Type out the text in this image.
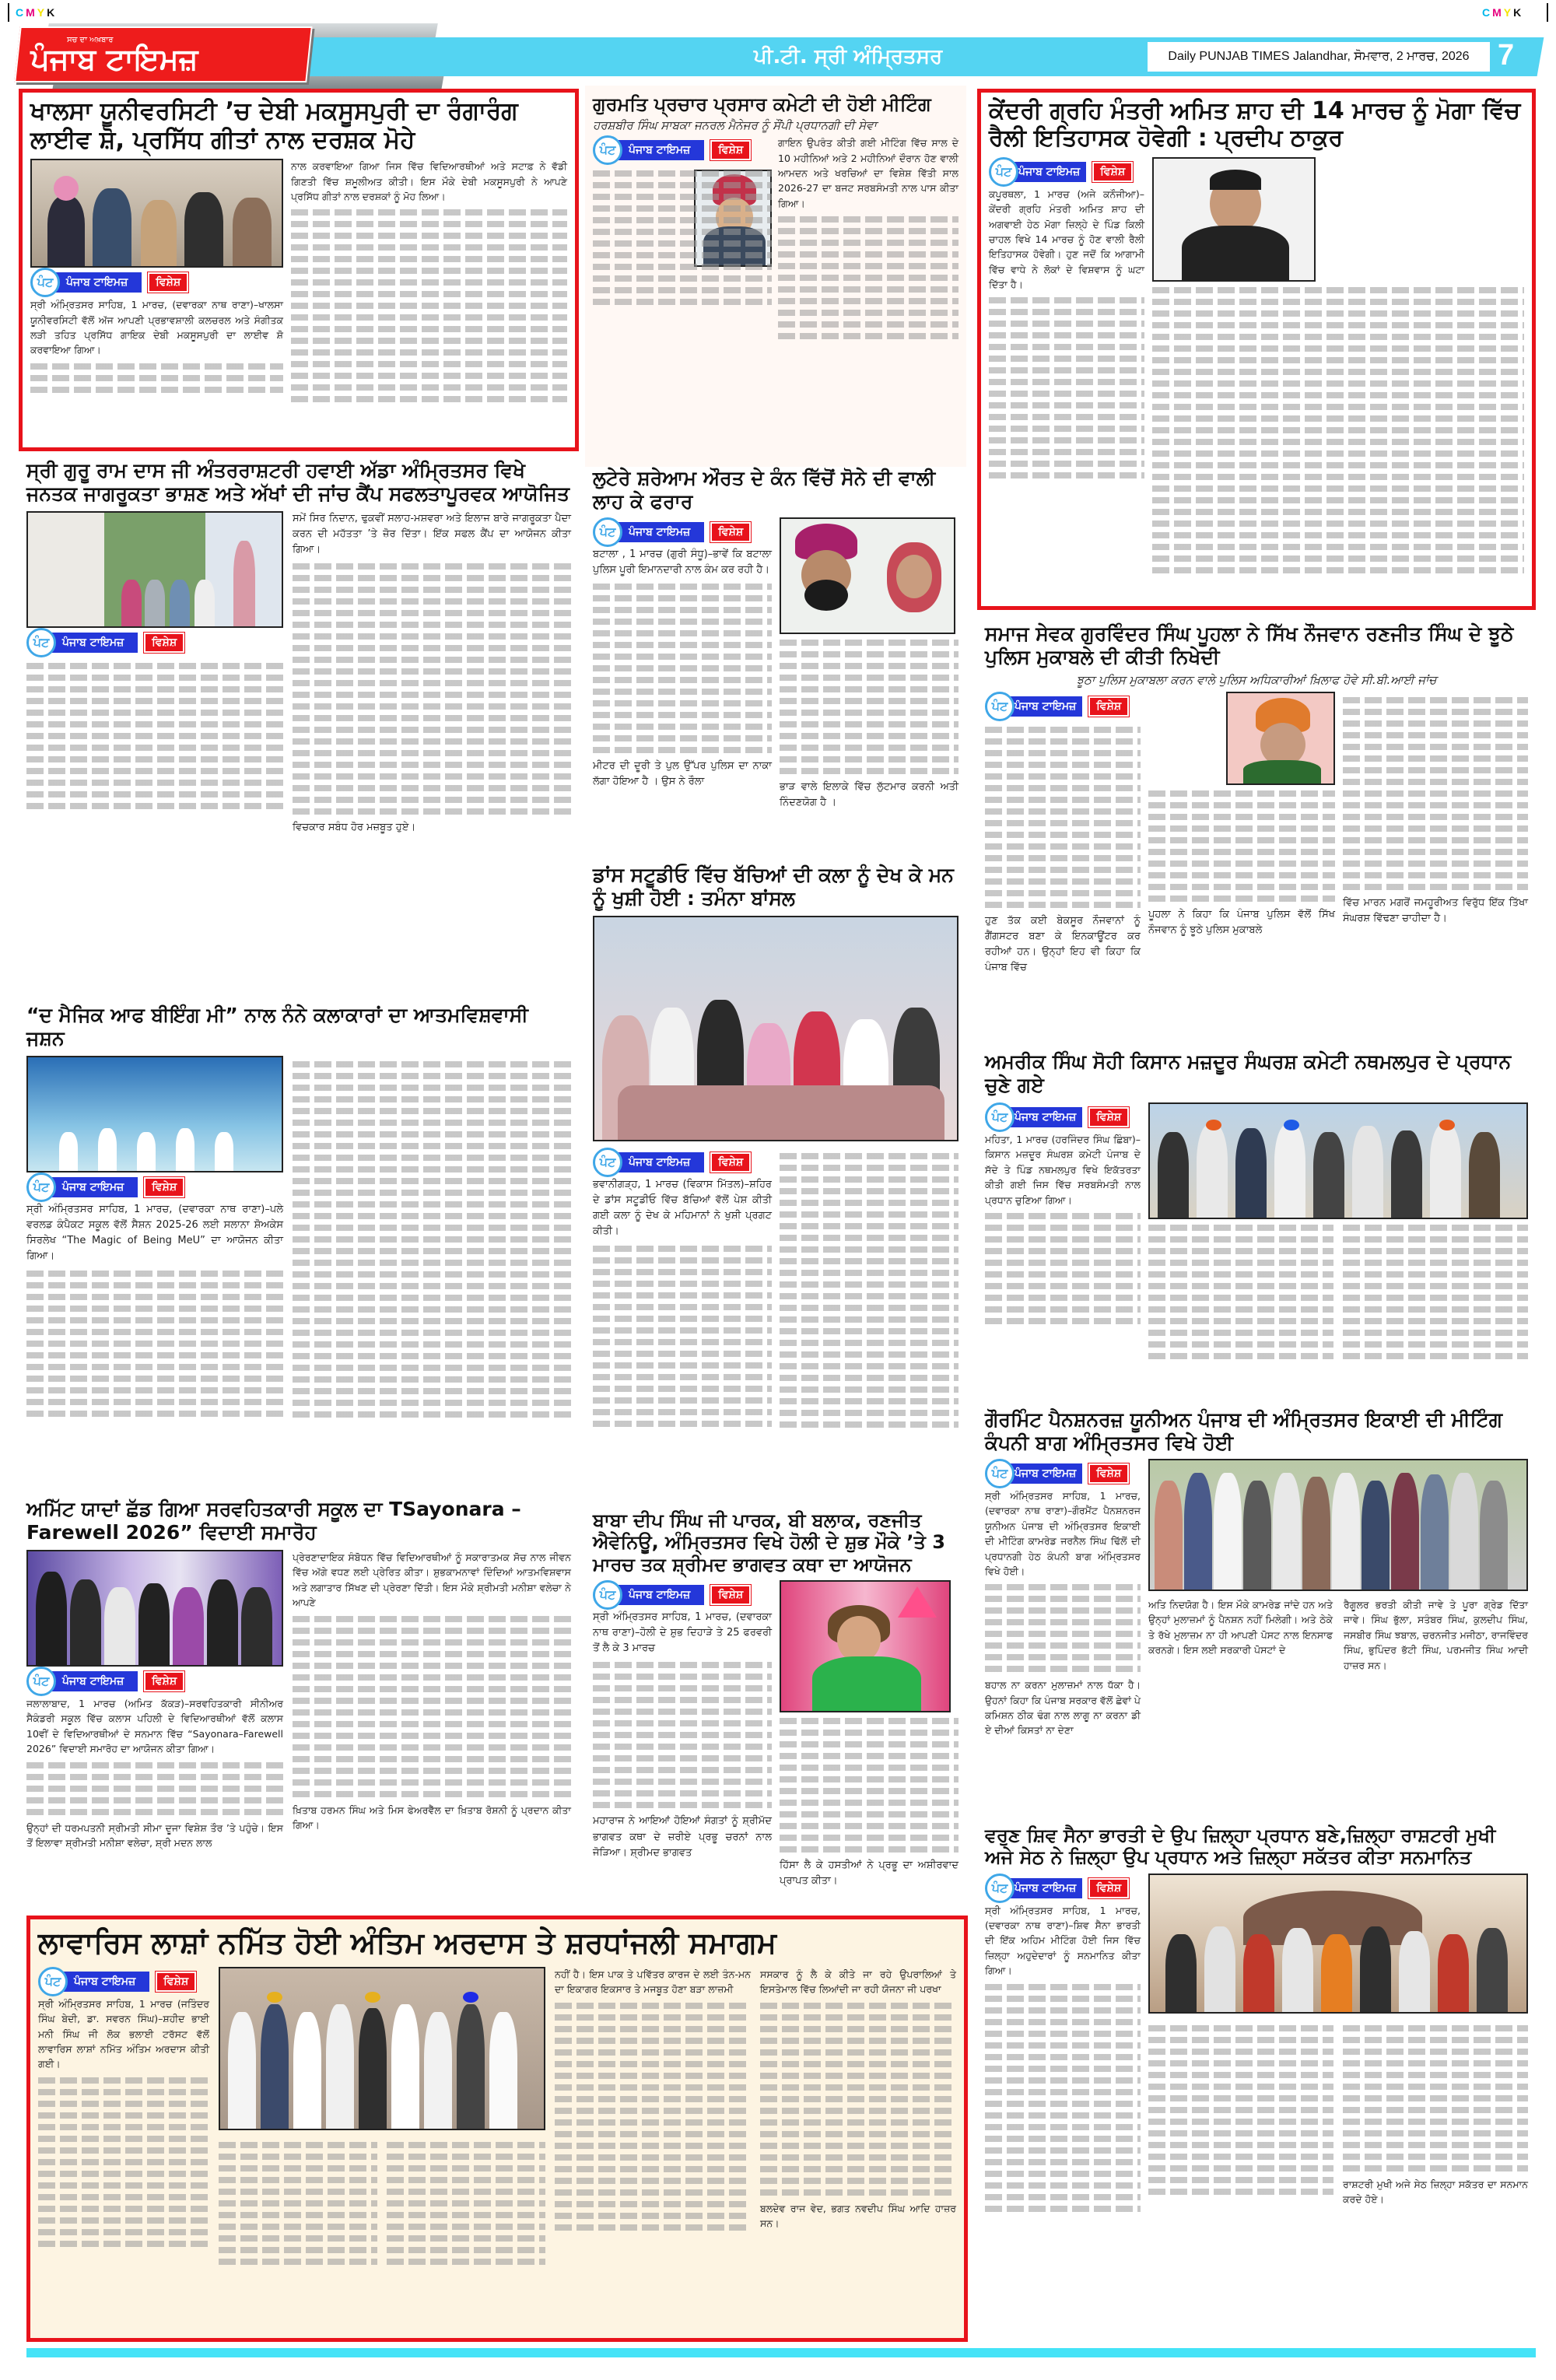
CMYK	CMYK
ਸਚ ਦਾ ਅਖ਼ਬਾਰ
ਪੰਜਾਬ ਟਾਇਮਜ਼	ਪੀ.ਟੀ. ਸ੍ਰੀ ਅੰਮ੍ਰਿਤਸਰ	Daily PUNJAB TIMES Jalandhar, ਸੋਮਵਾਰ, 2 ਮਾਰਚ, 2026 7
ਖਾਲਸਾ ਯੂਨੀਵਰਸਿਟੀ ’ਚ ਦੇਬੀ ਮਕਸੂਸਪੁਰੀ ਦਾ ਰੰਗਾਰੰਗ ਲਾਈਵ ਸ਼ੋ, ਪ੍ਰਸਿੱਧ ਗੀਤਾਂ ਨਾਲ ਦਰਸ਼ਕ ਮੋਹੇ
ਪੰਟ	ਪੰਜਾਬ ਟਾਇਮਜ਼	ਵਿਸ਼ੇਸ਼
ਸ੍ਰੀ ਅੰਮ੍ਰਿਤਸਰ ਸਾਹਿਬ, 1 ਮਾਰਚ, (ਦਵਾਰਕਾ ਨਾਥ ਰਾਣਾ)–ਖਾਲਸਾ ਯੂਨੀਵਰਸਿਟੀ ਵੱਲੋਂ ਅੱਜ ਆਪਣੀ ਪ੍ਰਭਾਵਸ਼ਾਲੀ ਕਲਚਰਲ ਅਤੇ ਸੰਗੀਤਕ ਲੜੀ ਤਹਿਤ ਪ੍ਰਸਿੱਧ ਗਾਇਕ ਦੇਬੀ ਮਕਸੂਸਪੁਰੀ ਦਾ ਲਾਈਵ ਸ਼ੋ ਕਰਵਾਇਆ ਗਿਆ।
ਨਾਲ ਕਰਵਾਇਆ ਗਿਆ ਜਿਸ ਵਿੱਚ ਵਿਦਿਆਰਥੀਆਂ ਅਤੇ ਸਟਾਫ਼ ਨੇ ਵੱਡੀ ਗਿਣਤੀ ਵਿੱਚ ਸ਼ਮੂਲੀਅਤ ਕੀਤੀ। ਇਸ ਮੌਕੇ ਦੇਬੀ ਮਕਸੂਸਪੁਰੀ ਨੇ ਆਪਣੇ ਪ੍ਰਸਿੱਧ ਗੀਤਾਂ ਨਾਲ ਦਰਸ਼ਕਾਂ ਨੂੰ ਮੋਹ ਲਿਆ।
ਗੁਰਮਤਿ ਪ੍ਰਚਾਰ ਪ੍ਰਸਾਰ ਕਮੇਟੀ ਦੀ ਹੋਈ ਮੀਟਿੰਗ
ਹਰਸ਼ਬੀਰ ਸਿੰਘ ਸਾਬਕਾ ਜਨਰਲ ਮੈਨੇਜਰ ਨੂੰ ਸੌਂਪੀ ਪ੍ਰਧਾਨਗੀ ਦੀ ਸੇਵਾ
ਪੰਟ	ਪੰਜਾਬ ਟਾਇਮਜ਼	ਵਿਸ਼ੇਸ਼
ਗਾਇਨ ਉਪਰੰਤ ਕੀਤੀ ਗਈ ਮੀਟਿੰਗ ਵਿੱਚ ਸਾਲ ਦੇ 10 ਮਹੀਨਿਆਂ ਅਤੇ 2 ਮਹੀਨਿਆਂ ਦੌਰਾਨ ਹੋਣ ਵਾਲੀ ਆਮਦਨ ਅਤੇ ਖਰਚਿਆਂ ਦਾ ਵਿਸ਼ੇਸ਼ ਵਿੱਤੀ ਸਾਲ 2026-27 ਦਾ ਬਜਟ ਸਰਬਸੰਮਤੀ ਨਾਲ ਪਾਸ ਕੀਤਾ ਗਿਆ।
ਕੇਂਦਰੀ ਗ੍ਰਹਿ ਮੰਤਰੀ ਅਮਿਤ ਸ਼ਾਹ ਦੀ 14 ਮਾਰਚ ਨੂੰ ਮੋਗਾ ਵਿੱਚ ਰੈਲੀ ਇਤਿਹਾਸਕ ਹੋਵੇਗੀ : ਪ੍ਰਦੀਪ ਠਾਕੁਰ
ਪੰਟ ਪੰਜਾਬ ਟਾਇਮਜ਼	ਵਿਸ਼ੇਸ਼
ਕਪੂਰਥਲਾ, 1 ਮਾਰਚ (ਅਜੇ ਕਨੌਜੀਆ)–ਕੇਂਦਰੀ ਗ੍ਰਹਿ ਮੰਤਰੀ ਅਮਿਤ ਸ਼ਾਹ ਦੀ ਅਗਵਾਈ ਹੇਠ ਮੋਗਾ ਜ਼ਿਲ੍ਹੇ ਦੇ ਪਿੰਡ ਕਿਲੀ ਚਾਹਲ ਵਿਖੇ 14 ਮਾਰਚ ਨੂੰ ਹੋਣ ਵਾਲੀ ਰੈਲੀ ਇਤਿਹਾਸਕ ਹੋਵੇਗੀ। ਹੁਣ ਜਦੋਂ ਕਿ ਆਗਾਮੀ ਵਿੱਚ ਵਾਧੇ ਨੇ ਲੋਕਾਂ ਦੇ ਵਿਸ਼ਵਾਸ ਨੂੰ ਘਟਾ ਦਿੱਤਾ ਹੈ।
ਸ੍ਰੀ ਗੁਰੂ ਰਾਮ ਦਾਸ ਜੀ ਅੰਤਰਰਾਸ਼ਟਰੀ ਹਵਾਈ ਅੱਡਾ ਅੰਮ੍ਰਿਤਸਰ ਵਿਖੇ ਜਨਤਕ ਜਾਗਰੂਕਤਾ ਭਾਸ਼ਣ ਅਤੇ ਅੱਖਾਂ ਦੀ ਜਾਂਚ ਕੈਂਪ ਸਫਲਤਾਪੂਰਵਕ ਆਯੋਜਿਤ
ਪੰਟ	ਪੰਜਾਬ ਟਾਇਮਜ਼	ਵਿਸ਼ੇਸ਼
ਸਮੇਂ ਸਿਰ ਨਿਦਾਨ, ਢੁਕਵੀਂ ਸਲਾਹ-ਮਸ਼ਵਰਾ ਅਤੇ ਇਲਾਜ ਬਾਰੇ ਜਾਗਰੂਕਤਾ ਪੈਦਾ ਕਰਨ ਦੀ ਮਹੱਤਤਾ ’ਤੇ ਜ਼ੋਰ ਦਿੱਤਾ। ਇੱਕ ਸਫਲ ਕੈਂਪ ਦਾ ਆਯੋਜਨ ਕੀਤਾ ਗਿਆ।
ਵਿਚਕਾਰ ਸਬੰਧ ਹੋਰ ਮਜ਼ਬੂਤ ਹੁਏ।
ਲੁਟੇਰੇ ਸ਼ਰੇਆਮ ਔਰਤ ਦੇ ਕੰਨ ਵਿੱਚੋਂ ਸੋਨੇ ਦੀ ਵਾਲੀ ਲਾਹ ਕੇ ਫਰਾਰ
ਪੰਟ	ਪੰਜਾਬ ਟਾਇਮਜ਼	ਵਿਸ਼ੇਸ਼
ਬਟਾਲਾ , 1 ਮਾਰਚ (ਗੁਰੀ ਸੰਧੂ)–ਭਾਵੇਂ ਕਿ ਬਟਾਲਾ ਪੁਲਿਸ ਪੂਰੀ ਇਮਾਨਦਾਰੀ ਨਾਲ ਕੰਮ ਕਰ ਰਹੀ ਹੈ।
ਮੀਟਰ ਦੀ ਦੂਰੀ ਤੇ ਪੁਲ ਉੱਪਰ ਪੁਲਿਸ ਦਾ ਨਾਕਾ ਲੱਗਾ ਹੋਇਆ ਹੈ । ਉਸ ਨੇ ਰੌਲਾ	ਭਾੜ ਵਾਲੇ ਇਲਾਕੇ ਵਿੱਚ ਲੁੱਟਮਾਰ ਕਰਨੀ ਅਤੀ ਨਿੰਦਣਯੋਗ ਹੈ ।
ਸਮਾਜ ਸੇਵਕ ਗੁਰਵਿੰਦਰ ਸਿੰਘ ਪੂਹਲਾ ਨੇ ਸਿੱਖ ਨੌਜਵਾਨ ਰਣਜੀਤ ਸਿੰਘ ਦੇ ਝੂਠੇ ਪੁਲਿਸ ਮੁਕਾਬਲੇ ਦੀ ਕੀਤੀ ਨਿਖੇਦੀ
ਝੂਠਾ ਪੁਲਿਸ ਮੁਕਾਬਲਾ ਕਰਨ ਵਾਲੇ ਪੁਲਿਸ ਅਧਿਕਾਰੀਆਂ ਖ਼ਿਲਾਫ ਹੋਵੇ ਸੀ.ਬੀ.ਆਈ ਜਾਂਚ
ਪੰਟ ਪੰਜਾਬ ਟਾਇਮਜ਼	ਵਿਸ਼ੇਸ਼
ਹੁਣ ਤੱਕ ਕਈ ਬੇਕਸੂਰ ਨੌਜਵਾਨਾਂ ਨੂੰ ਗੈਂਗਸਟਰ ਬਣਾ ਕੇ ਇਨਕਾਊਂਟਰ ਕਰ ਰਹੀਆਂ ਹਨ। ਉਨ੍ਹਾਂ ਇਹ ਵੀ ਕਿਹਾ ਕਿ ਪੰਜਾਬ ਵਿੱਚ
ਪੂਹਲਾ ਨੇ ਕਿਹਾ ਕਿ ਪੰਜਾਬ ਪੁਲਿਸ ਵੱਲੋਂ ਸਿੱਖ ਨੌਜਵਾਨ ਨੂੰ ਝੂਠੇ ਪੁਲਿਸ ਮੁਕਾਬਲੇ
ਵਿੱਚ ਮਾਰਨ ਮਗਰੋਂ ਜਮਹੂਰੀਅਤ ਵਿਰੁੱਧ ਇੱਕ ਤਿੱਖਾ ਸੰਘਰਸ਼ ਵਿੱਢਣਾ ਚਾਹੀਦਾ ਹੈ।
ਡਾਂਸ ਸਟੂਡੀਓ ਵਿੱਚ ਬੱਚਿਆਂ ਦੀ ਕਲਾ ਨੂੰ ਦੇਖ ਕੇ ਮਨ ਨੂੰ ਖੁਸ਼ੀ ਹੋਈ : ਤਮੰਨਾ ਬਾਂਸਲ
ਪੰਟ	ਪੰਜਾਬ ਟਾਇਮਜ਼	ਵਿਸ਼ੇਸ਼
ਭਵਾਨੀਗੜ੍ਹ, 1 ਮਾਰਚ (ਵਿਕਾਸ ਮਿੱਤਲ)–ਸ਼ਹਿਰ ਦੇ ਡਾਂਸ ਸਟੂਡੀਓ ਵਿੱਚ ਬੱਚਿਆਂ ਵੱਲੋਂ ਪੇਸ਼ ਕੀਤੀ ਗਈ ਕਲਾ ਨੂੰ ਦੇਖ ਕੇ ਮਹਿਮਾਨਾਂ ਨੇ ਖੁਸ਼ੀ ਪ੍ਰਗਟ ਕੀਤੀ।
“ਦ ਮੈਜਿਕ ਆਫ ਬੀਇੰਗ ਮੀ” ਨਾਲ ਨੰਨੇ ਕਲਾਕਾਰਾਂ ਦਾ ਆਤਮਵਿਸ਼ਵਾਸੀ ਜਸ਼ਨ
ਪੰਟ	ਪੰਜਾਬ ਟਾਇਮਜ਼	ਵਿਸ਼ੇਸ਼
ਸ੍ਰੀ ਅੰਮ੍ਰਿਤਸਰ ਸਾਹਿਬ, 1 ਮਾਰਚ, (ਦਵਾਰਕਾ ਨਾਥ ਰਾਣਾ)–ਪਲੇ ਵਰਲਡ ਕੰਪੈਕਟ ਸਕੂਲ ਵੱਲੋਂ ਸੈਸ਼ਨ 2025-26 ਲਈ ਸਲਾਨਾ ਸ਼ੋਅਕੇਸ ਸਿਰਲੇਖ “The Magic of Being MeU” ਦਾ ਆਯੋਜਨ ਕੀਤਾ ਗਿਆ।
ਅਮਰੀਕ ਸਿੰਘ ਸੋਹੀ ਕਿਸਾਨ ਮਜ਼ਦੂਰ ਸੰਘਰਸ਼ ਕਮੇਟੀ ਨਥਮਲਪੁਰ ਦੇ ਪ੍ਰਧਾਨ ਚੁਣੇ ਗਏ
ਪੰਟ ਪੰਜਾਬ ਟਾਇਮਜ਼	ਵਿਸ਼ੇਸ਼
ਮਹਿਤਾ, 1 ਮਾਰਚ (ਹਰਜਿੰਦਰ ਸਿੰਘ ਛਿੰਬਾ)–ਕਿਸਾਨ ਮਜ਼ਦੂਰ ਸੰਘਰਸ਼ ਕਮੇਟੀ ਪੰਜਾਬ ਦੇ ਸੱਦੇ ਤੇ ਪਿੰਡ ਨਥਮਲਪੁਰ ਵਿਖੇ ਇਕੱਤਰਤਾ ਕੀਤੀ ਗਈ ਜਿਸ ਵਿੱਚ ਸਰਬਸੰਮਤੀ ਨਾਲ ਪ੍ਰਧਾਨ ਚੁਣਿਆ ਗਿਆ।
ਗੌਰਮਿੰਟ ਪੈਨਸ਼ਨਰਜ਼ ਯੂਨੀਅਨ ਪੰਜਾਬ ਦੀ ਅੰਮ੍ਰਿਤਸਰ ਇਕਾਈ ਦੀ ਮੀਟਿੰਗ ਕੰਪਨੀ ਬਾਗ ਅੰਮ੍ਰਿਤਸਰ ਵਿਖੇ ਹੋਈ
ਪੰਟ ਪੰਜਾਬ ਟਾਇਮਜ਼	ਵਿਸ਼ੇਸ਼
ਸ੍ਰੀ ਅੰਮ੍ਰਿਤਸਰ ਸਾਹਿਬ, 1 ਮਾਰਚ, (ਦਵਾਰਕਾ ਨਾਥ ਰਾਣਾ)–ਗੌਰਮੈਂਟ ਪੈਨਸ਼ਨਰਜ ਯੂਨੀਅਨ ਪੰਜਾਬ ਦੀ ਅੰਮ੍ਰਿਤਸਰ ਇਕਾਈ ਦੀ ਮੀਟਿੰਗ ਕਾਮਰੇਡ ਜਰਨੈਲ ਸਿੰਘ ਢਿੱਲੋਂ ਦੀ ਪ੍ਰਧਾਨਗੀ ਹੇਠ ਕੰਪਨੀ ਬਾਗ ਅੰਮ੍ਰਿਤਸਰ ਵਿਖੇ ਹੋਈ।
ਬਹਾਲ ਨਾ ਕਰਨਾ ਮੁਲਾਜ਼ਮਾਂ ਨਾਲ ਧੱਕਾ ਹੈ। ਉਹਨਾਂ ਕਿਹਾ ਕਿ ਪੰਜਾਬ ਸਰਕਾਰ ਵੱਲੋਂ ਛੇਵਾਂ ਪੇ ਕਮਿਸ਼ਨ ਠੀਕ ਢੰਗ ਨਾਲ ਲਾਗੂ ਨਾ ਕਰਨਾ ਡੀ ਏ ਦੀਆਂ ਕਿਸਤਾਂ ਨਾ ਦੇਣਾ
ਅਤਿ ਨਿਦਯੋਗ ਹੈ। ਇਸ ਮੌਕੇ ਕਾਮਰੇਡ ਜਾਂਦੇ ਹਨ ਅਤੇ ਉਨ੍ਹਾਂ ਮੁਲਾਜ਼ਮਾਂ ਨੂੰ ਪੈਨਸ਼ਨ ਨਹੀਂ ਮਿਲੇਗੀ। ਅਤੇ ਠੇਕੇ ਤੇ ਰੱਖੇ ਮੁਲਾਜ਼ਮ ਨਾ ਹੀ ਆਪਣੀ ਪੋਸਟ ਨਾਲ ਇਨਸਾਫ ਕਰਨਗੇ। ਇਸ ਲਈ ਸਰਕਾਰੀ ਪੋਸਟਾਂ ਦੇ
ਰੈਗੂਲਰ ਭਰਤੀ ਕੀਤੀ ਜਾਵੇ ਤੇ ਪੂਰਾ ਗ੍ਰੇਡ ਦਿੱਤਾ ਜਾਵੇ। ਸਿੰਘ ਭੁੱਲਾ, ਸਤੰਬਰ ਸਿੰਘ, ਕੁਲਦੀਪ ਸਿੰਘ, ਜਸਬੀਰ ਸਿੰਘ ਝਬਾਲ, ਚਰਨਜੀਤ ਮਜੀਠਾ, ਰਾਜਵਿੰਦਰ ਸਿੰਘ, ਭੁਪਿੰਦਰ ਭੱਟੀ ਸਿੰਘ, ਪਰਮਜੀਤ ਸਿੰਘ ਆਦੀ ਹਾਜ਼ਰ ਸਨ।
ਅਮਿੱਟ ਯਾਦਾਂ ਛੱਡ ਗਿਆ ਸਰਵਹਿਤਕਾਰੀ ਸਕੂਲ ਦਾ TSayonara – Farewell 2026” ਵਿਦਾਈ ਸਮਾਰੋਹ
ਪੰਟ	ਪੰਜਾਬ ਟਾਇਮਜ਼	ਵਿਸ਼ੇਸ਼
ਜਲਾਲਾਬਾਦ, 1 ਮਾਰਚ (ਅਮਿਤ ਕੱਕੜ)–ਸਰਵਹਿਤਕਾਰੀ ਸੀਨੀਅਰ ਸੈਕੰਡਰੀ ਸਕੂਲ ਵਿੱਚ ਕਲਾਸ ਪਹਿਲੀ ਦੇ ਵਿਦਿਆਰਥੀਆਂ ਵੱਲੋਂ ਕਲਾਸ 10ਵੀਂ ਦੇ ਵਿਦਿਆਰਥੀਆਂ ਦੇ ਸਨਮਾਨ ਵਿੱਚ “Sayonara–Farewell 2026” ਵਿਦਾਈ ਸਮਾਰੋਹ ਦਾ ਆਯੋਜਨ ਕੀਤਾ ਗਿਆ।
ਉਨ੍ਹਾਂ ਦੀ ਧਰਮਪਤਨੀ ਸ੍ਰੀਮਤੀ ਸੀਮਾ ਦੂਜਾ ਵਿਸ਼ੇਸ਼ ਤੌਰ ’ਤੇ ਪਹੁੰਚੇ। ਇਸ ਤੋਂ ਇਲਾਵਾ ਸ਼੍ਰੀਮਤੀ ਮਨੀਸ਼ਾ ਵਲੇਚਾ, ਸ਼੍ਰੀ ਮਦਨ ਲਾਲ
ਪ੍ਰੇਰਣਾਦਾਇਕ ਸੰਬੋਧਨ ਵਿੱਚ ਵਿਦਿਆਰਥੀਆਂ ਨੂੰ ਸਕਾਰਾਤਮਕ ਸੋਚ ਨਾਲ ਜੀਵਨ ਵਿੱਚ ਅੱਗੇ ਵਧਣ ਲਈ ਪ੍ਰੇਰਿਤ ਕੀਤਾ। ਸ਼ੁਭਕਾਮਨਾਵਾਂ ਦਿੰਦਿਆਂ ਆਤਮਵਿਸ਼ਵਾਸ ਅਤੇ ਲਗਾਤਾਰ ਸਿੱਖਣ ਦੀ ਪ੍ਰੇਰਣਾ ਦਿੱਤੀ। ਇਸ ਮੌਕੇ ਸ਼੍ਰੀਮਤੀ ਮਨੀਸ਼ਾ ਵਲੇਚਾ ਨੇ ਆਪਣੇ
ਖ਼ਿਤਾਬ ਹਰਮਨ ਸਿੰਘ ਅਤੇ ਮਿਸ ਫੇਅਰਵੈੱਲ ਦਾ ਖ਼ਿਤਾਬ ਰੋਸ਼ਨੀ ਨੂੰ ਪ੍ਰਦਾਨ ਕੀਤਾ ਗਿਆ।
ਬਾਬਾ ਦੀਪ ਸਿੰਘ ਜੀ ਪਾਰਕ, ਬੀ ਬਲਾਕ, ਰਣਜੀਤ ਐਵੇਨਿਊ, ਅੰਮ੍ਰਿਤਸਰ ਵਿਖੇ ਹੋਲੀ ਦੇ ਸ਼ੁਭ ਮੌਕੇ ’ਤੇ 3 ਮਾਰਚ ਤਕ ਸ਼੍ਰੀਮਦ ਭਾਗਵਤ ਕਥਾ ਦਾ ਆਯੋਜਨ
ਪੰਟ	ਪੰਜਾਬ ਟਾਇਮਜ਼	ਵਿਸ਼ੇਸ਼
ਸ੍ਰੀ ਅੰਮ੍ਰਿਤਸਰ ਸਾਹਿਬ, 1 ਮਾਰਚ, (ਦਵਾਰਕਾ ਨਾਥ ਰਾਣਾ)–ਹੋਲੀ ਦੇ ਸ਼ੁਭ ਦਿਹਾੜੇ ਤੇ 25 ਫਰਵਰੀ ਤੋਂ ਲੈ ਕੇ 3 ਮਾਰਚ
ਮਹਾਰਾਜ ਨੇ ਆਇਆਂ ਹੋਇਆਂ ਸੰਗਤਾਂ ਨੂੰ ਸ਼੍ਰੀਮੱਦ ਭਾਗਵਤ ਕਥਾ ਦੇ ਜ਼ਰੀਏ ਪ੍ਰਭੂ ਚਰਨਾਂ ਨਾਲ ਜੋੜਿਆ। ਸ਼੍ਰੀਮਦ ਭਾਗਵਤ
ਹਿੱਸਾ ਲੈ ਕੇ ਹਸਤੀਆਂ ਨੇ ਪ੍ਰਭੂ ਦਾ ਅਸ਼ੀਰਵਾਦ ਪ੍ਰਾਪਤ ਕੀਤਾ।
ਵਰੁਣ ਸ਼ਿਵ ਸੈਨਾ ਭਾਰਤੀ ਦੇ ਉਪ ਜ਼ਿਲ੍ਹਾ ਪ੍ਰਧਾਨ ਬਣੇ,ਜ਼ਿਲ੍ਹਾ ਰਾਸ਼ਟਰੀ ਮੁਖੀ ਅਜੇ ਸੇਠ ਨੇ ਜ਼ਿਲ੍ਹਾ ਉਪ ਪ੍ਰਧਾਨ ਅਤੇ ਜ਼ਿਲ੍ਹਾ ਸਕੱਤਰ ਕੀਤਾ ਸਨਮਾਨਿਤ
ਪੰਟ ਪੰਜਾਬ ਟਾਇਮਜ਼	ਵਿਸ਼ੇਸ਼
ਸ੍ਰੀ ਅੰਮ੍ਰਿਤਸਰ ਸਾਹਿਬ, 1 ਮਾਰਚ, (ਦਵਾਰਕਾ ਨਾਥ ਰਾਣਾ)–ਸ਼ਿਵ ਸੈਨਾ ਭਾਰਤੀ ਦੀ ਇੱਕ ਅਹਿਮ ਮੀਟਿੰਗ ਹੋਈ ਜਿਸ ਵਿੱਚ ਜ਼ਿਲ੍ਹਾ ਅਹੁਦੇਦਾਰਾਂ ਨੂੰ ਸਨਮਾਨਿਤ ਕੀਤਾ ਗਿਆ।
ਰਾਸ਼ਟਰੀ ਮੁਖੀ ਅਜੇ ਸੇਠ ਜ਼ਿਲ੍ਹਾ ਸਕੱਤਰ ਦਾ ਸਨਮਾਨ ਕਰਦੇ ਹੋਏ।
ਲਾਵਾਰਿਸ ਲਾਸ਼ਾਂ ਨਮਿੱਤ ਹੋਈ ਅੰਤਿਮ ਅਰਦਾਸ ਤੇ ਸ਼ਰਧਾਂਜਲੀ ਸਮਾਗਮ
ਪੰਟ	ਪੰਜਾਬ ਟਾਇਮਜ਼	ਵਿਸ਼ੇਸ਼
ਸ੍ਰੀ ਅੰਮ੍ਰਿਤਸਰ ਸਾਹਿਬ, 1 ਮਾਰਚ (ਜਤਿੰਦਰ ਸਿੰਘ ਬੇਦੀ, ਡਾ. ਸਵਰਨ ਸਿੰਘ)–ਸ਼ਹੀਦ ਭਾਈ ਮਨੀ ਸਿੰਘ ਜੀ ਲੋਕ ਭਲਾਈ ਟਰੱਸਟ ਵੱਲੋਂ ਲਾਵਾਰਿਸ ਲਾਸ਼ਾਂ ਨਮਿੱਤ ਅੰਤਿਮ ਅਰਦਾਸ ਕੀਤੀ ਗਈ।
ਨਹੀਂ ਹੈ। ਇਸ ਪਾਕ ਤੇ ਪਵਿੱਤਰ ਕਾਰਜ ਦੇ ਲਈ ਤੰਨ-ਮਨ ਦਾ ਇਕਾਗਰ ਇਕਸਾਰ ਤੇ ਮਜਬੂਤ ਹੋਣਾ ਬੜਾ ਲਾਜ਼ਮੀ
ਸਸਕਾਰ ਨੂੰ ਲੈ ਕੇ ਕੀਤੇ ਜਾ ਰਹੇ ਉਪਰਾਲਿਆਂ ਤੇ ਇਸਤੇਮਾਲ ਵਿੱਚ ਲਿਆਂਦੀ ਜਾ ਰਹੀ ਯੋਜਨਾ ਜੀ ਪਰਖਾ
ਬਲਦੇਵ ਰਾਜ ਵੇਦ, ਭਗਤ ਨਵਦੀਪ ਸਿੰਘ ਆਦਿ ਹਾਜ਼ਰ ਸਨ।
